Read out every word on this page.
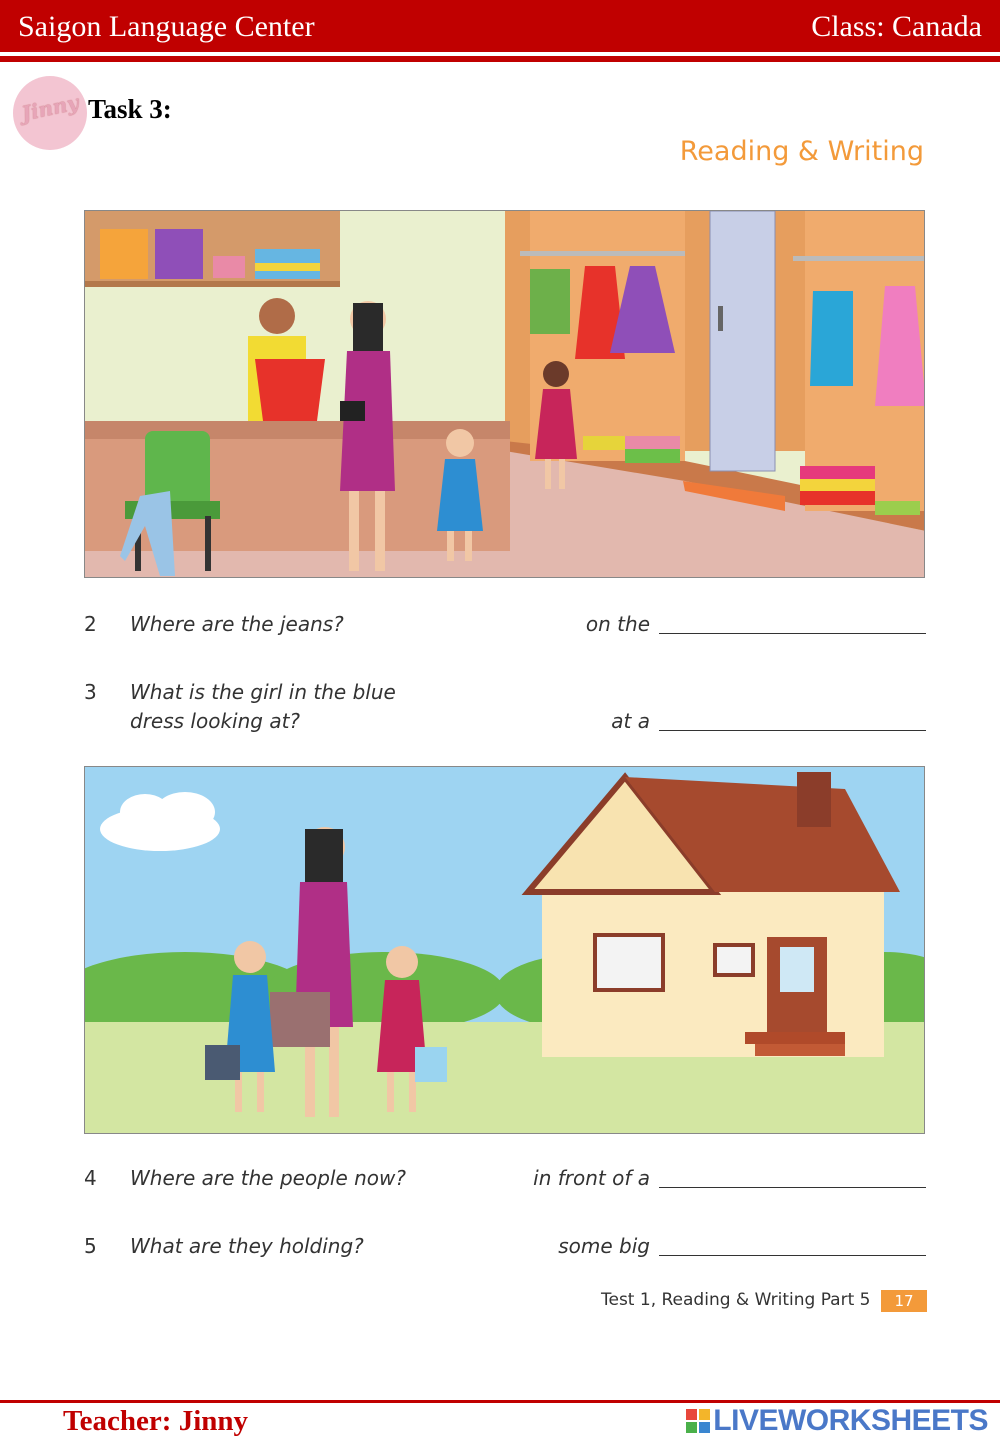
Saigon Language Center	Class: Canada
Jinny Task 3:
Reading & Writing
2 Where are the jeans?	on the
3 What is the girl in the blue
dress looking at?	at a
4 Where are the people now?	in front of a
5 What are they holding?	some big
Test 1, Reading & Writing Part 5	17
Teacher: Jinny	LIVEWORKSHEETS
